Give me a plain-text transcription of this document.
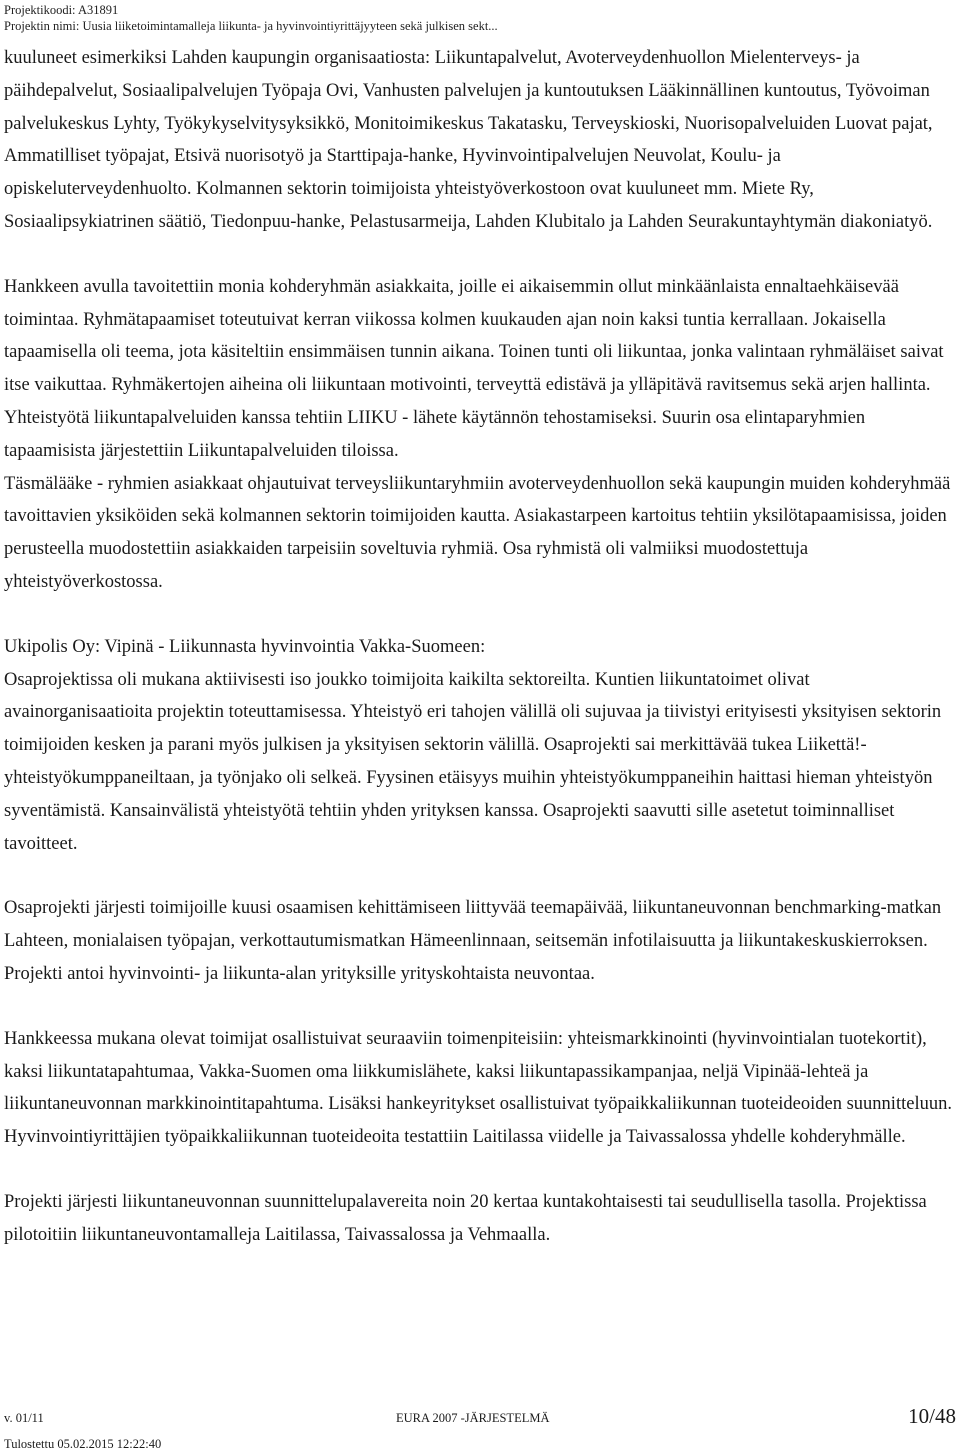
Projektikoodi: A31891
Projektin nimi: Uusia liiketoimintamalleja liikunta- ja hyvinvointiyrittäjyyteen sekä julkisen sekt...

kuuluneet esimerkiksi Lahden kaupungin organisaatiosta: Liikuntapalvelut, Avoterveydenhuollon Mielenterveys- ja päihdepalvelut, Sosiaalipalvelujen Työpaja Ovi, Vanhusten palvelujen ja kuntoutuksen Lääkinnällinen kuntoutus, Työvoiman palvelukeskus Lyhty, Työkykyselvitysyksikkö, Monitoimikeskus Takatasku, Terveyskioski, Nuorisopalveluiden Luovat pajat, Ammatilliset työpajat, Etsivä nuorisotyö ja Starttipaja-hanke, Hyvinvointipalvelujen Neuvolat, Koulu- ja opiskeluterveydenhuolto. Kolmannen sektorin toimijoista yhteistyöverkostoon ovat kuuluneet mm. Miete Ry, Sosiaalipsykiatrinen säätiö, Tiedonpuu-hanke, Pelastusarmeija, Lahden Klubitalo ja Lahden Seurakuntayhtymän diakoniatyö.

Hankkeen avulla tavoitettiin monia kohderyhmän asiakkaita, joille ei aikaisemmin ollut minkäänlaista ennaltaehkäisevää toimintaa. Ryhmätapaamiset toteutuivat kerran viikossa kolmen kuukauden ajan noin kaksi tuntia kerrallaan. Jokaisella tapaamisella oli teema, jota käsiteltiin ensimmäisen tunnin aikana. Toinen tunti oli liikuntaa, jonka valintaan ryhmäläiset saivat itse vaikuttaa. Ryhmäkertojen aiheina oli liikuntaan motivointi, terveyttä edistävä ja ylläpitävä ravitsemus sekä arjen hallinta. Yhteistyötä liikuntapalveluiden kanssa tehtiin LIIKU - lähete käytännön tehostamiseksi. Suurin osa elintaparyhmien tapaamisista järjestettiin Liikuntapalveluiden tiloissa.

Täsmälääke - ryhmien asiakkaat ohjautuivat terveysliikuntaryhmiin avoterveydenhuollon sekä kaupungin muiden kohderyhmää tavoittavien yksiköiden sekä kolmannen sektorin toimijoiden kautta. Asiakastarpeen kartoitus tehtiin yksilötapaamisissa, joiden perusteella muodostettiin asiakkaiden tarpeisiin soveltuvia ryhmiä. Osa ryhmistä oli valmiiksi muodostettuja yhteistyöverkostossa.

Ukipolis Oy: Vipinä - Liikunnasta hyvinvointia Vakka-Suomeen:

Osaprojektissa oli mukana aktiivisesti iso joukko toimijoita kaikilta sektoreilta. Kuntien liikuntatoimet olivat avainorganisaatioita projektin toteuttamisessa. Yhteistyö eri tahojen välillä oli sujuvaa ja tiivistyi erityisesti yksityisen sektorin toimijoiden kesken ja parani myös julkisen ja yksityisen sektorin välillä. Osaprojekti sai merkittävää tukea Liikettä!-yhteistyökumppaneiltaan, ja työnjako oli selkeä. Fyysinen etäisyys muihin yhteistyökumppaneihin haittasi hieman yhteistyön syventämistä. Kansainvälistä yhteistyötä tehtiin yhden yrityksen kanssa. Osaprojekti saavutti sille asetetut toiminnalliset tavoitteet.

Osaprojekti järjesti toimijoille kuusi osaamisen kehittämiseen liittyvää teemapäivää, liikuntaneuvonnan benchmarking-matkan Lahteen, monialaisen työpajan, verkottautumismatkan Hämeenlinnaan, seitsemän infotilaisuutta ja liikuntakeskuskierroksen. Projekti antoi hyvinvointi- ja liikunta-alan yrityksille yrityskohtaista neuvontaa.

Hankkeessa mukana olevat toimijat osallistuivat seuraaviin toimenpiteisiin: yhteismarkkinointi (hyvinvointialan tuotekortit), kaksi liikuntatapahtumaa, Vakka-Suomen oma liikkumislähete, kaksi liikuntapassikampanjaa, neljä Vipinää-lehteä ja liikuntaneuvonnan markkinointitapahtuma. Lisäksi hankeyritykset osallistuivat työpaikkaliikunnan tuoteideoiden suunnitteluun. Hyvinvointiyrittäjien työpaikkaliikunnan tuoteideoita testattiin Laitilassa viidelle ja Taivassalossa yhdelle kohderyhmälle.

Projekti järjesti liikuntaneuvonnan suunnittelupalavereita noin 20 kertaa kuntakohtaisesti tai seudullisella tasolla. Projektissa pilotoitiin liikuntaneuvontamalleja Laitilassa, Taivassalossa ja Vehmaalla.

v. 01/11	EURA 2007 -JÄRJESTELMÄ	10/48
Tulostettu 05.02.2015 12:22:40
